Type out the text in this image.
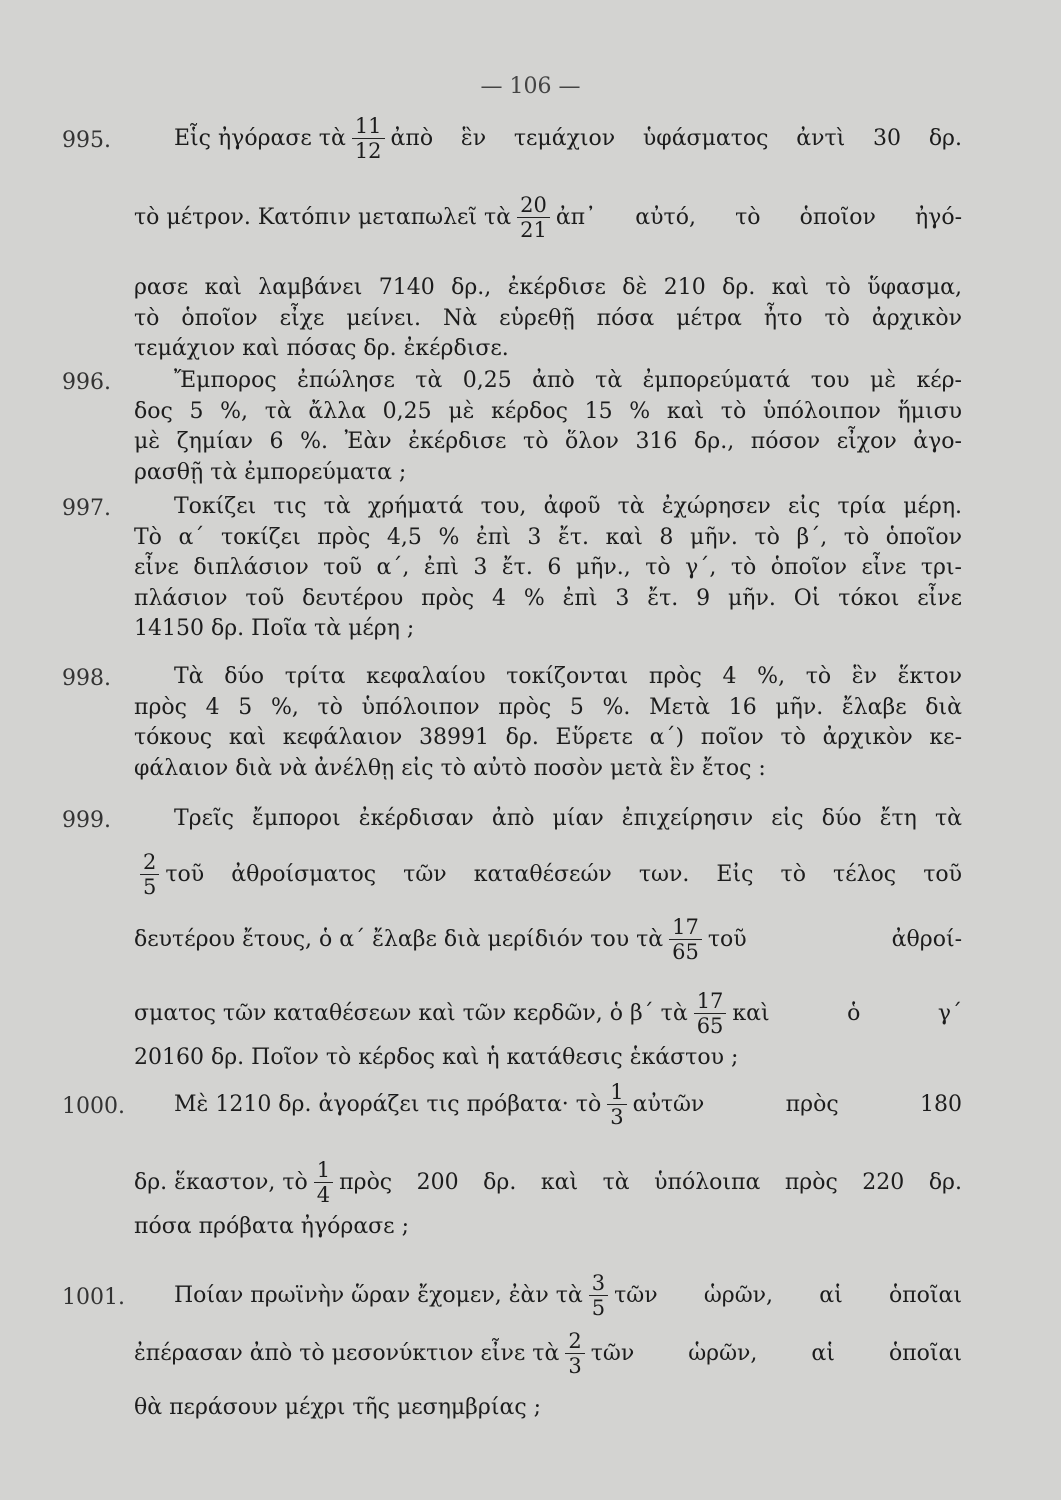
— 106 —
995.	Εἷς ἠγόρασε τὰ $\frac{11}{12}$ ἀπὸ ἓν τεμάχιον ὑφάσματος ἀντὶ 30 δρ.
τὸ μέτρον. Κατόπιν μεταπωλεῖ τὰ $\frac{20}{21}$ ἀπ᾽ αὐτό, τὸ ὁποῖον ἠγό-
ρασε καὶ λαμβάνει 7140 δρ., ἐκέρδισε δὲ 210 δρ. καὶ τὸ ὕφασμα,
τὸ ὁποῖον εἶχε μείνει. Νὰ εὑρεθῇ πόσα μέτρα ἦτο τὸ ἀρχικὸν
τεμάχιον καὶ πόσας δρ. ἐκέρδισε.
996.	Ἔμπορος ἐπώλησε τὰ 0,25 ἀπὸ τὰ ἐμπορεύματά του μὲ κέρ-
δος 5 %, τὰ ἄλλα 0,25 μὲ κέρδος 15 % καὶ τὸ ὑπόλοιπον ἥμισυ
μὲ ζημίαν 6 %. Ἐὰν ἐκέρδισε τὸ ὅλον 316 δρ., πόσον εἶχον ἀγο-
ρασθῇ τὰ ἐμπορεύματα ;
997.	Τοκίζει τις τὰ χρήματά του, ἀφοῦ τὰ ἐχώρησεν εἰς τρία μέρη.
Τὸ α΄ τοκίζει πρὸς 4,5 % ἐπὶ 3 ἔτ. καὶ 8 μῆν. τὸ β΄, τὸ ὁποῖον
εἶνε διπλάσιον τοῦ α΄, ἐπὶ 3 ἔτ. 6 μῆν., τὸ γ΄, τὸ ὁποῖον εἶνε τρι-
πλάσιον τοῦ δευτέρου πρὸς 4 % ἐπὶ 3 ἔτ. 9 μῆν. Οἱ τόκοι εἶνε
14150 δρ. Ποῖα τὰ μέρη ;
998.	Τὰ δύο τρίτα κεφαλαίου τοκίζονται πρὸς 4 %, τὸ ἓν ἕκτον
πρὸς 4 5 %, τὸ ὑπόλοιπον πρὸς 5 %. Μετὰ 16 μῆν. ἔλαβε διὰ
τόκους καὶ κεφάλαιον 38991 δρ. Εὕρετε α΄) ποῖον τὸ ἀρχικὸν κε-
φάλαιον διὰ νὰ ἀνέλθῃ εἰς τὸ αὐτὸ ποσὸν μετὰ ἓν ἔτος :
999.	Τρεῖς ἔμποροι ἐκέρδισαν ἀπὸ μίαν ἐπιχείρησιν εἰς δύο ἔτη τὰ
$\frac{2}{5}$ τοῦ ἀθροίσματος τῶν καταθέσεών των. Εἰς τὸ τέλος τοῦ
δευτέρου ἔτους, ὁ α΄ ἔλαβε διὰ μερίδιόν του τὰ $\frac{17}{65}$ τοῦ ἀθροί-
σματος τῶν καταθέσεων καὶ τῶν κερδῶν, ὁ β΄ τὰ $\frac{17}{65}$ καὶ ὁ γ΄
20160 δρ. Ποῖον τὸ κέρδος καὶ ἡ κατάθεσις ἑκάστου ;
1000. Μὲ 1210 δρ. ἀγοράζει τις πρόβατα· τὸ $\frac{1}{3}$ αὐτῶν πρὸς 180
δρ. ἕκαστον, τὸ $\frac{1}{4}$ πρὸς 200 δρ. καὶ τὰ ὑπόλοιπα πρὸς 220 δρ.
πόσα πρόβατα ἠγόρασε ;
1001. Ποίαν πρωϊνὴν ὥραν ἔχομεν, ἐὰν τὰ $\frac{3}{5}$ τῶν ὡρῶν, αἱ ὁποῖαι
ἐπέρασαν ἀπὸ τὸ μεσονύκτιον εἶνε τὰ $\frac{2}{3}$ τῶν ὡρῶν, αἱ ὁποῖαι
θὰ περάσουν μέχρι τῆς μεσημβρίας ;
